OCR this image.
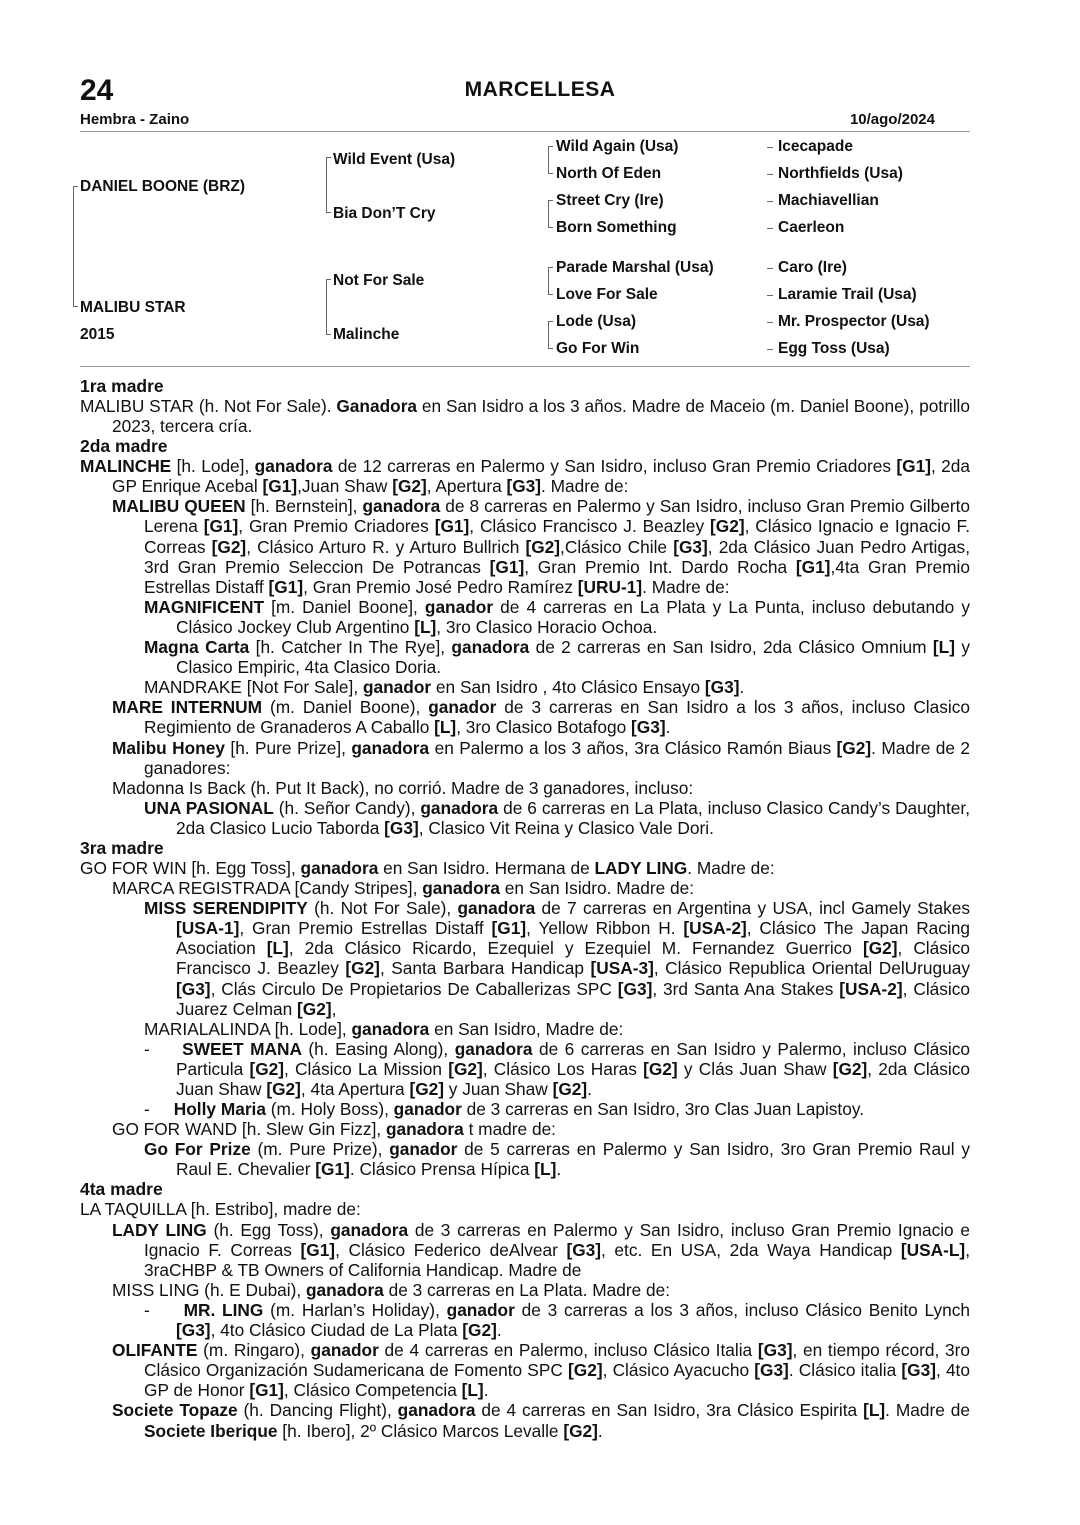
24	MARCELLESA
Hembra - Zaino	10/ago/2024
DANIEL BOONE (BRZ)
MALIBU STAR
2015
Wild Event (Usa)
Bia Don’T Cry
Not For Sale
Malinche
Wild Again (Usa)
North Of Eden
Street Cry (Ire)
Born Something
Parade Marshal (Usa)
Love For Sale
Lode (Usa)
Go For Win
Icecapade
Northfields (Usa)
Machiavellian
Caerleon
Caro (Ire)
Laramie Trail (Usa)
Mr. Prospector (Usa)
Egg Toss (Usa)
1ra madre
MALIBU STAR (h. Not For Sale). Ganadora en San Isidro a los 3 años. Madre de Maceio (m. Daniel Boone), potrillo 2023, tercera cría.
2da madre
MALINCHE [h. Lode], ganadora de 12 carreras en Palermo y San Isidro, incluso Gran Premio Criadores [G1], 2da GP Enrique Acebal [G1],Juan Shaw [G2], Apertura [G3]. Madre de:
MALIBU QUEEN [h. Bernstein], ganadora de 8 carreras en Palermo y San Isidro, incluso Gran Premio Gilberto Lerena [G1], Gran Premio Criadores [G1], Clásico Francisco J. Beazley [G2], Clásico Ignacio e Ignacio F. Correas [G2], Clásico Arturo R. y Arturo Bullrich [G2],Clásico Chile [G3], 2da Clásico Juan Pedro Artigas, 3rd Gran Premio Seleccion De Potrancas [G1], Gran Premio Int. Dardo Rocha [G1],4ta Gran Premio Estrellas Distaff [G1], Gran Premio José Pedro Ramírez [URU-1]. Madre de:
MAGNIFICENT [m. Daniel Boone], ganador de 4 carreras en La Plata y La Punta, incluso debutando y Clásico Jockey Club Argentino [L], 3ro Clasico Horacio Ochoa.
Magna Carta [h. Catcher In The Rye], ganadora de 2 carreras en San Isidro, 2da Clásico Omnium [L] y Clasico Empiric, 4ta Clasico Doria.
MANDRAKE [Not For Sale], ganador en San Isidro , 4to Clásico Ensayo [G3].
MARE INTERNUM (m. Daniel Boone), ganador de 3 carreras en San Isidro a los 3 años, incluso Clasico Regimiento de Granaderos A Caballo [L], 3ro Clasico Botafogo [G3].
Malibu Honey [h. Pure Prize], ganadora en Palermo a los 3 años, 3ra Clásico Ramón Biaus [G2]. Madre de 2 ganadores:
Madonna Is Back (h. Put It Back), no corrió. Madre de 3 ganadores, incluso:
UNA PASIONAL (h. Señor Candy), ganadora de 6 carreras en La Plata, incluso Clasico Candy’s Daughter, 2da Clasico Lucio Taborda [G3], Clasico Vit Reina y Clasico Vale Dori.
3ra madre
GO FOR WIN [h. Egg Toss], ganadora en San Isidro. Hermana de LADY LING. Madre de:
MARCA REGISTRADA [Candy Stripes], ganadora en San Isidro. Madre de:
MISS SERENDIPITY (h. Not For Sale), ganadora de 7 carreras en Argentina y USA, incl Gamely Stakes [USA-1], Gran Premio Estrellas Distaff [G1], Yellow Ribbon H. [USA-2], Clásico The Japan Racing Asociation [L], 2da Clásico Ricardo, Ezequiel y Ezequiel M. Fernandez Guerrico [G2], Clásico Francisco J. Beazley [G2], Santa Barbara Handicap [USA-3], Clásico Republica Oriental DelUruguay [G3], Clás Circulo De Propietarios De Caballerizas SPC [G3], 3rd Santa Ana Stakes [USA-2], Clásico Juarez Celman [G2],
MARIALALINDA [h. Lode], ganadora en San Isidro, Madre de:
-     SWEET MANA (h. Easing Along), ganadora de 6 carreras en San Isidro y Palermo, incluso Clásico Particula [G2], Clásico La Mission [G2], Clásico Los Haras [G2] y Clás Juan Shaw [G2], 2da Clásico Juan Shaw [G2], 4ta Apertura [G2] y Juan Shaw [G2].
-     Holly Maria (m. Holy Boss), ganador de 3 carreras en San Isidro, 3ro Clas Juan Lapistoy.
GO FOR WAND [h. Slew Gin Fizz], ganadora t madre de:
Go For Prize (m. Pure Prize), ganador de 5 carreras en Palermo y San Isidro, 3ro Gran Premio Raul y Raul E. Chevalier [G1]. Clásico Prensa Hípica [L].
4ta madre
LA TAQUILLA [h. Estribo], madre de:
LADY LING (h. Egg Toss), ganadora de 3 carreras en Palermo y San Isidro, incluso Gran Premio Ignacio e Ignacio F. Correas [G1], Clásico Federico deAlvear [G3], etc. En USA, 2da Waya Handicap [USA-L], 3raCHBP & TB Owners of California Handicap. Madre de
MISS LING (h. E Dubai), ganadora de 3 carreras en La Plata. Madre de:
-     MR. LING (m. Harlan’s Holiday), ganador de 3 carreras a los 3 años, incluso Clásico Benito Lynch [G3], 4to Clásico Ciudad de La Plata [G2].
OLIFANTE (m. Ringaro), ganador de 4 carreras en Palermo, incluso Clásico Italia [G3], en tiempo récord, 3ro Clásico Organización Sudamericana de Fomento SPC [G2], Clásico Ayacucho [G3]. Clásico italia [G3], 4to GP de Honor [G1], Clásico Competencia [L].
Societe Topaze (h. Dancing Flight), ganadora de 4 carreras en San Isidro, 3ra Clásico Espirita [L]. Madre de Societe Iberique [h. Ibero], 2º Clásico Marcos Levalle [G2].
